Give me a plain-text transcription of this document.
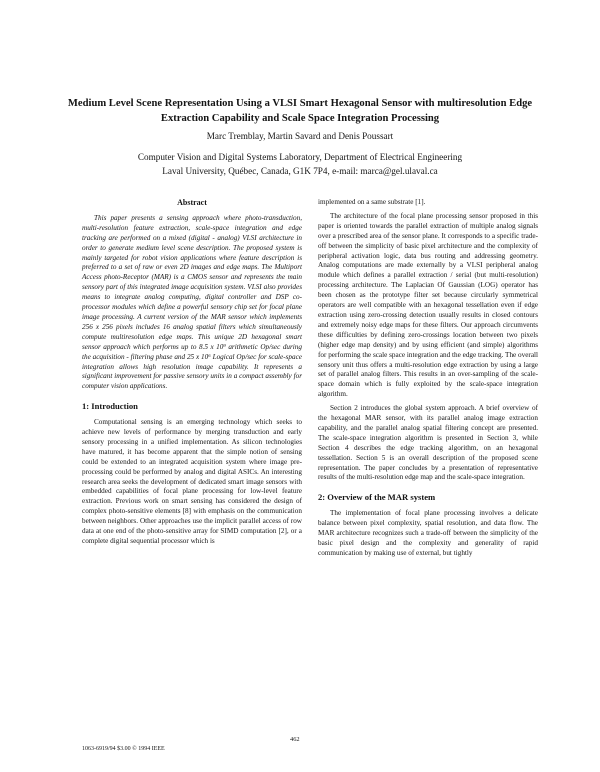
Medium Level Scene Representation Using a VLSI Smart Hexagonal Sensor with multiresolution Edge Extraction Capability and Scale Space Integration Processing
Marc Tremblay, Martin Savard and Denis Poussart
Computer Vision and Digital Systems Laboratory, Department of Electrical Engineering
Laval University, Québec, Canada, G1K 7P4, e-mail: marca@gel.ulaval.ca
Abstract

This paper presents a sensing approach where photo-transduction, multi-resolution feature extraction, scale-space integration and edge tracking are performed on a mixed (digital - analog) VLSI architecture in order to generate medium level scene description. The proposed system is mainly targeted for robot vision applications where feature description is preferred to a set of raw or even 2D images and edge maps. The Multiport Access photo-Receptor (MAR) is a CMOS sensor and represents the main sensory part of this integrated image acquisition system. VLSI also provides means to integrate analog computing, digital controller and DSP co-processor modules which define a powerful sensory chip set for focal plane image processing. A current version of the MAR sensor which implements 256 x 256 pixels includes 16 analog spatial filters which simultaneously compute multiresolution edge maps. This unique 2D hexagonal smart sensor approach which performs up to 8.5 x 10⁹ arithmetic Op/sec during the acquisition - filtering phase and 25 x 10⁶ Logical Op/sec for scale-space integration allows high resolution image capability. It represents a significant improvement for passive sensory units in a compact assembly for computer vision applications.

1: Introduction

Computational sensing is an emerging technology which seeks to achieve new levels of performance by merging transduction and early sensory processing in a unified implementation. As silicon technologies have matured, it has become apparent that the simple notion of sensing could be extended to an integrated acquisition system where image pre-processing could be performed by analog and digital ASICs. An interesting research area seeks the development of dedicated smart image sensors with embedded capabilities of focal plane processing for low-level feature extraction. Previous work on smart sensing has considered the design of complex photo-sensitive elements [8] with emphasis on the communication between neighbors. Other approaches use the implicit parallel access of row data at one end of the photo-sensitive array for SIMD computation [2], or a complete digital sequential processor which is

implemented on a same substrate [1].

The architecture of the focal plane processing sensor proposed in this paper is oriented towards the parallel extraction of multiple analog signals over a prescribed area of the sensor plane. It corresponds to a specific trade-off between the simplicity of basic pixel architecture and the complexity of peripheral activation logic, data bus routing and addressing geometry. Analog computations are made externally by a VLSI peripheral analog module which defines a parallel extraction / serial (but multi-resolution) processing architecture. The Laplacian Of Gaussian (LOG) operator has been chosen as the prototype filter set because circularly symmetrical operators are well compatible with an hexagonal tessellation even if edge extraction using zero-crossing detection usually results in closed contours and extremely noisy edge maps for these filters. Our approach circumvents these difficulties by defining zero-crossings location between two pixels (higher edge map density) and by using efficient (and simple) algorithms for performing the scale space integration and the edge tracking. The overall sensory unit thus offers a multi-resolution edge extraction by using a large set of parallel analog filters. This results in an over-sampling of the scale-space domain which is fully exploited by the scale-space integration algorithm.

Section 2 introduces the global system approach. A brief overview of the hexagonal MAR sensor, with its parallel analog image extraction capability, and the parallel analog spatial filtering concept are presented. The scale-space integration algorithm is presented in Section 3, while Section 4 describes the edge tracking algorithm, on an hexagonal tessellation. Section 5 is an overall description of the proposed scene representation. The paper concludes by a presentation of representative results of the multi-resolution edge map and the scale-space integration.

2: Overview of the MAR system

The implementation of focal plane processing involves a delicate balance between pixel complexity, spatial resolution, and data flow. The MAR architecture recognizes such a trade-off between the simplicity of the basic pixel design and the complexity and generality of rapid communication by making use of external, but tightly

462
1063-6919/94 $3.00 © 1994 IEEE
